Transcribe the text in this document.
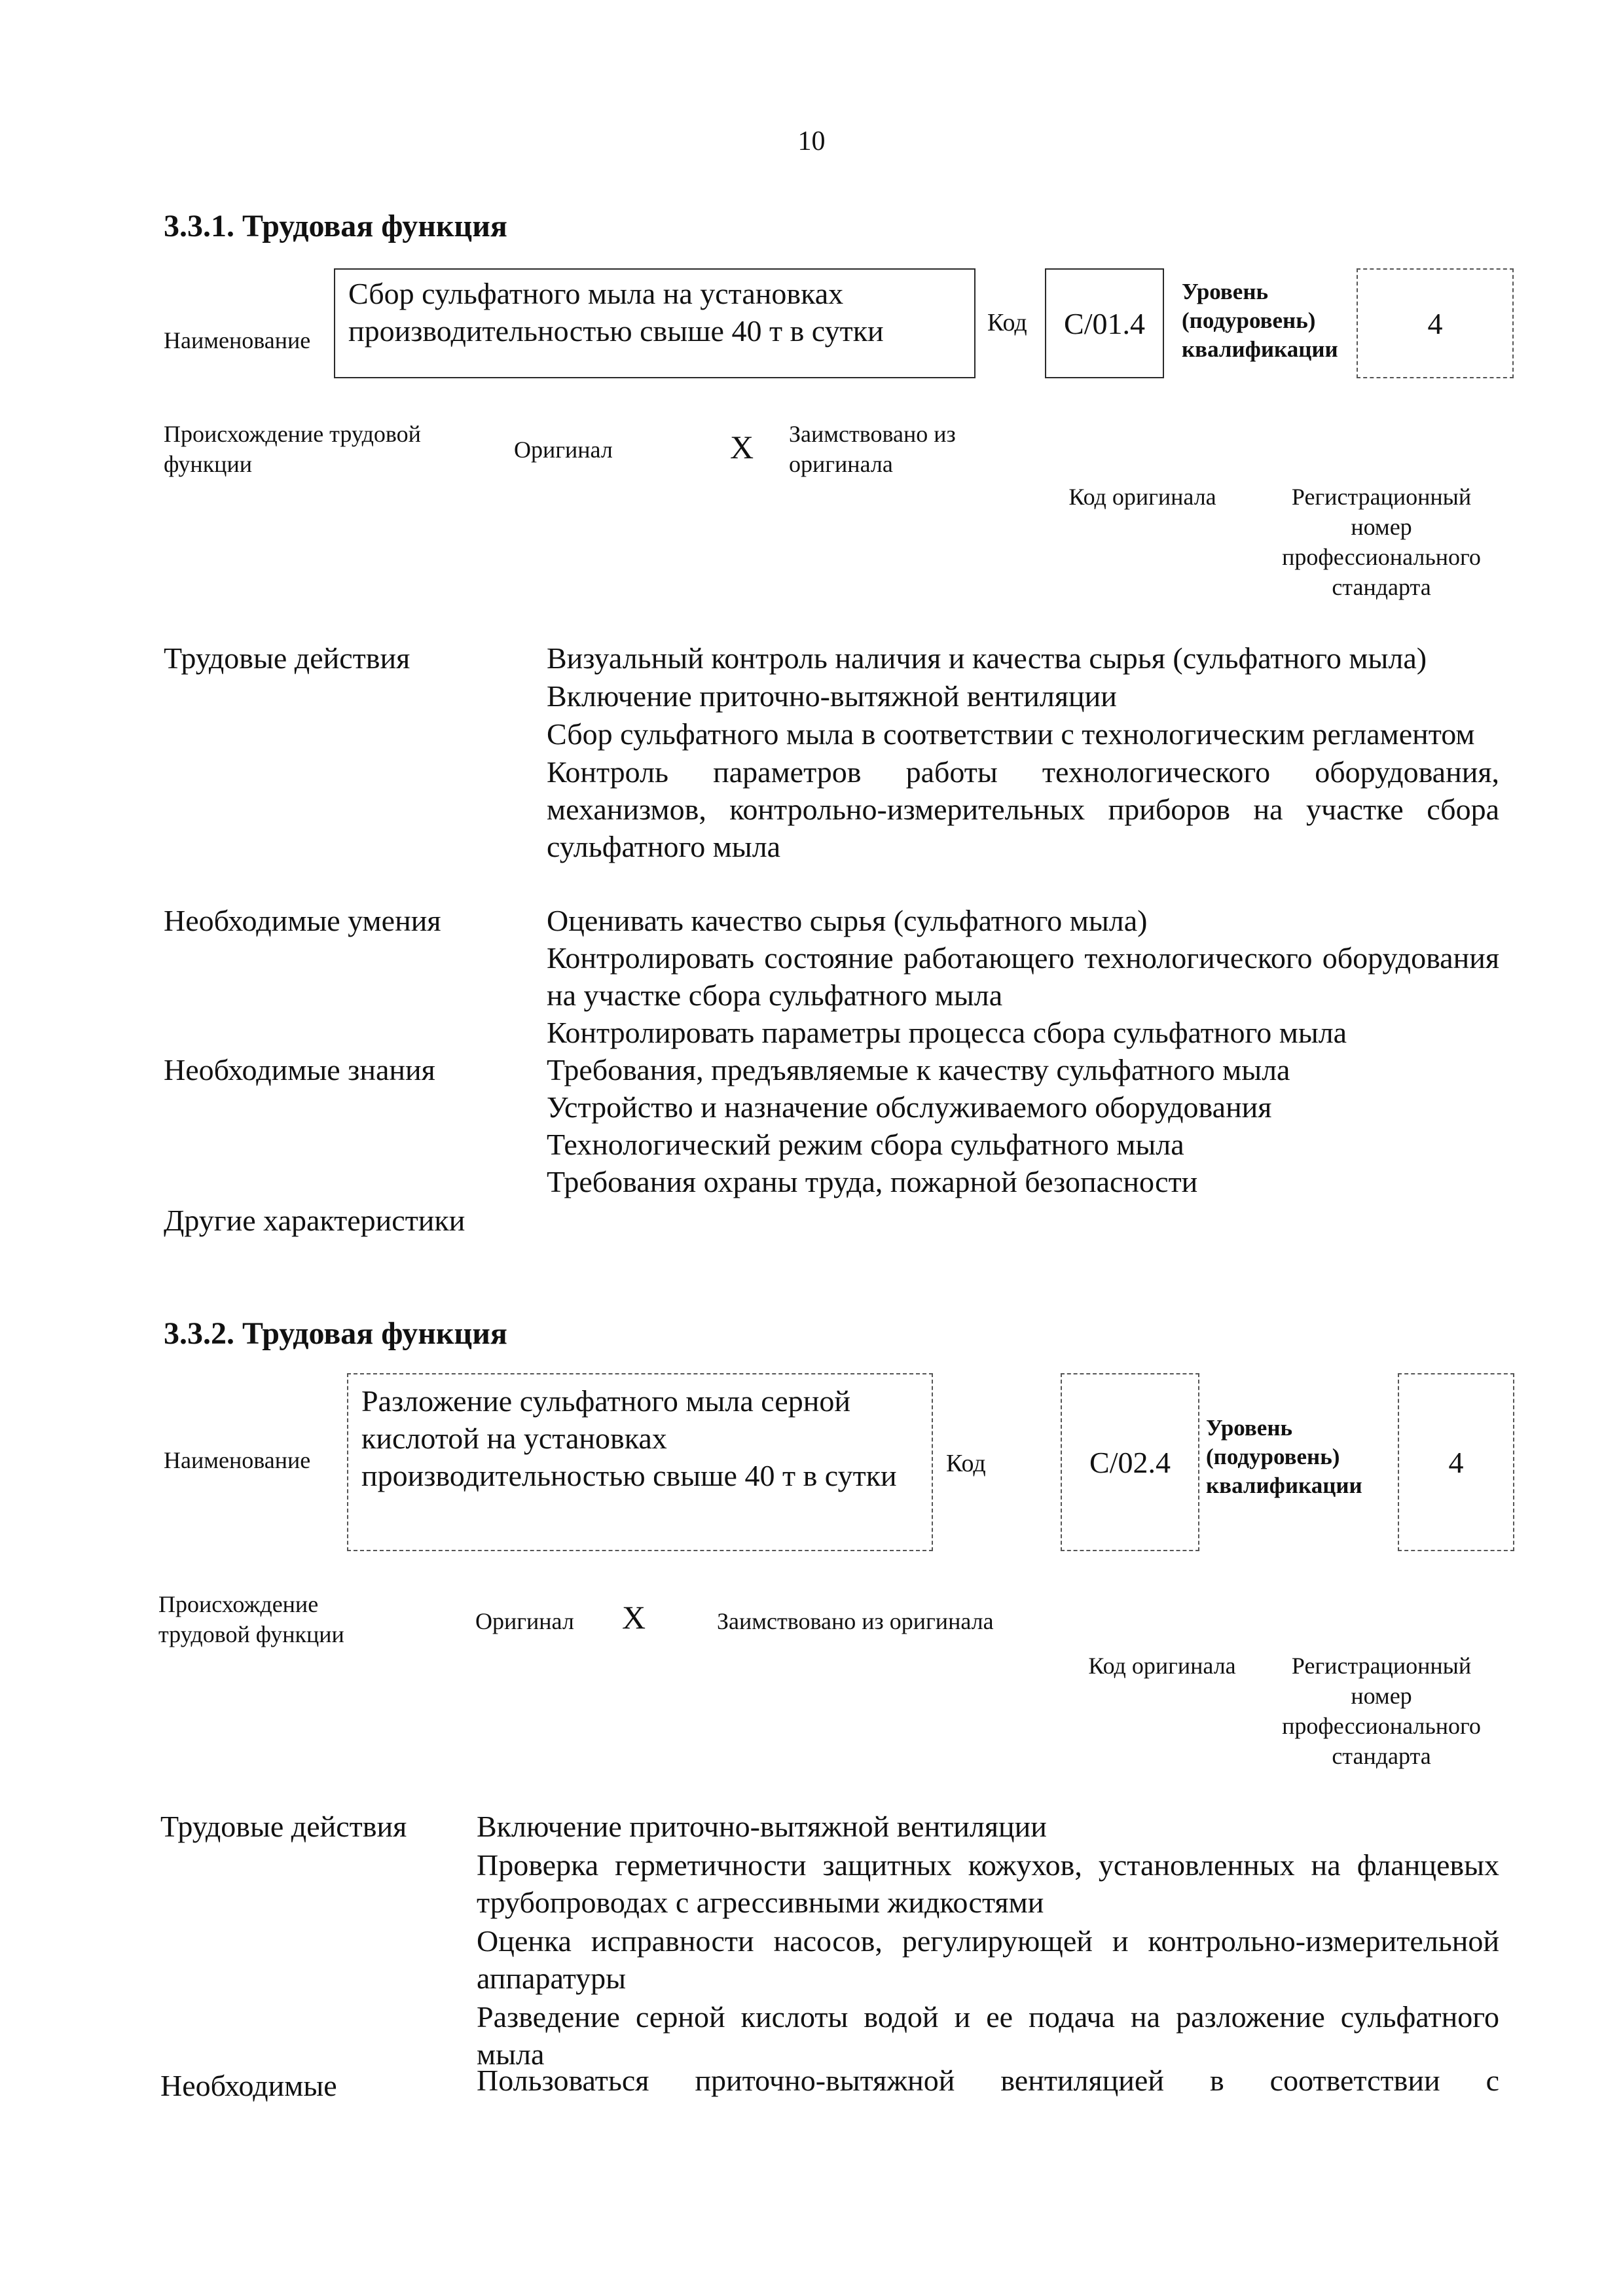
10
3.3.1. Трудовая функция
Наименование
Сбор сульфатного мыла на установках производительностью свыше 40 т в сутки	Код С/01.4
Уровень (подуровень) квалификации
4
Происхождение трудовой функции
Оригинал	X Заимствовано из оригинала
Код оригинала	Регистрационный номер профессионального стандарта
Трудовые действия	Визуальный контроль наличия и качества сырья (сульфатного мыла)
Включение приточно-вытяжной вентиляции
Сбор сульфатного мыла в соответствии с технологическим регламентом
Контроль параметров работы технологического оборудования, механизмов, контрольно-измерительных приборов на участке сбора сульфатного мыла
Необходимые умения	Оценивать качество сырья (сульфатного мыла)
Контролировать состояние работающего технологического оборудования на участке сбора сульфатного мыла
Контролировать параметры процесса сбора сульфатного мыла
Необходимые знания	Требования, предъявляемые к качеству сульфатного мыла
Устройство и назначение обслуживаемого оборудования
Технологический режим сбора сульфатного мыла
Требования охраны труда, пожарной безопасности
Другие характеристики
3.3.2. Трудовая функция
Наименование
Разложение сульфатного мыла серной кислотой на установках производительностью свыше 40 т в сутки	Код	С/02.4
Уровень (подуровень) квалификации
4
Происхождение трудовой функции	Оригинал X	Заимствовано из оригинала
Код оригинала	Регистрационный номер профессионального стандарта
Трудовые действия Включение приточно-вытяжной вентиляции
Проверка герметичности защитных кожухов, установленных на фланцевых трубопроводах с агрессивными жидкостями
Оценка исправности насосов, регулирующей и контрольно-измерительной аппаратуры
Разведение серной кислоты водой и ее подача на разложение сульфатного мыла
Необходимые	Пользоваться приточно-вытяжной вентиляцией в соответствии с
